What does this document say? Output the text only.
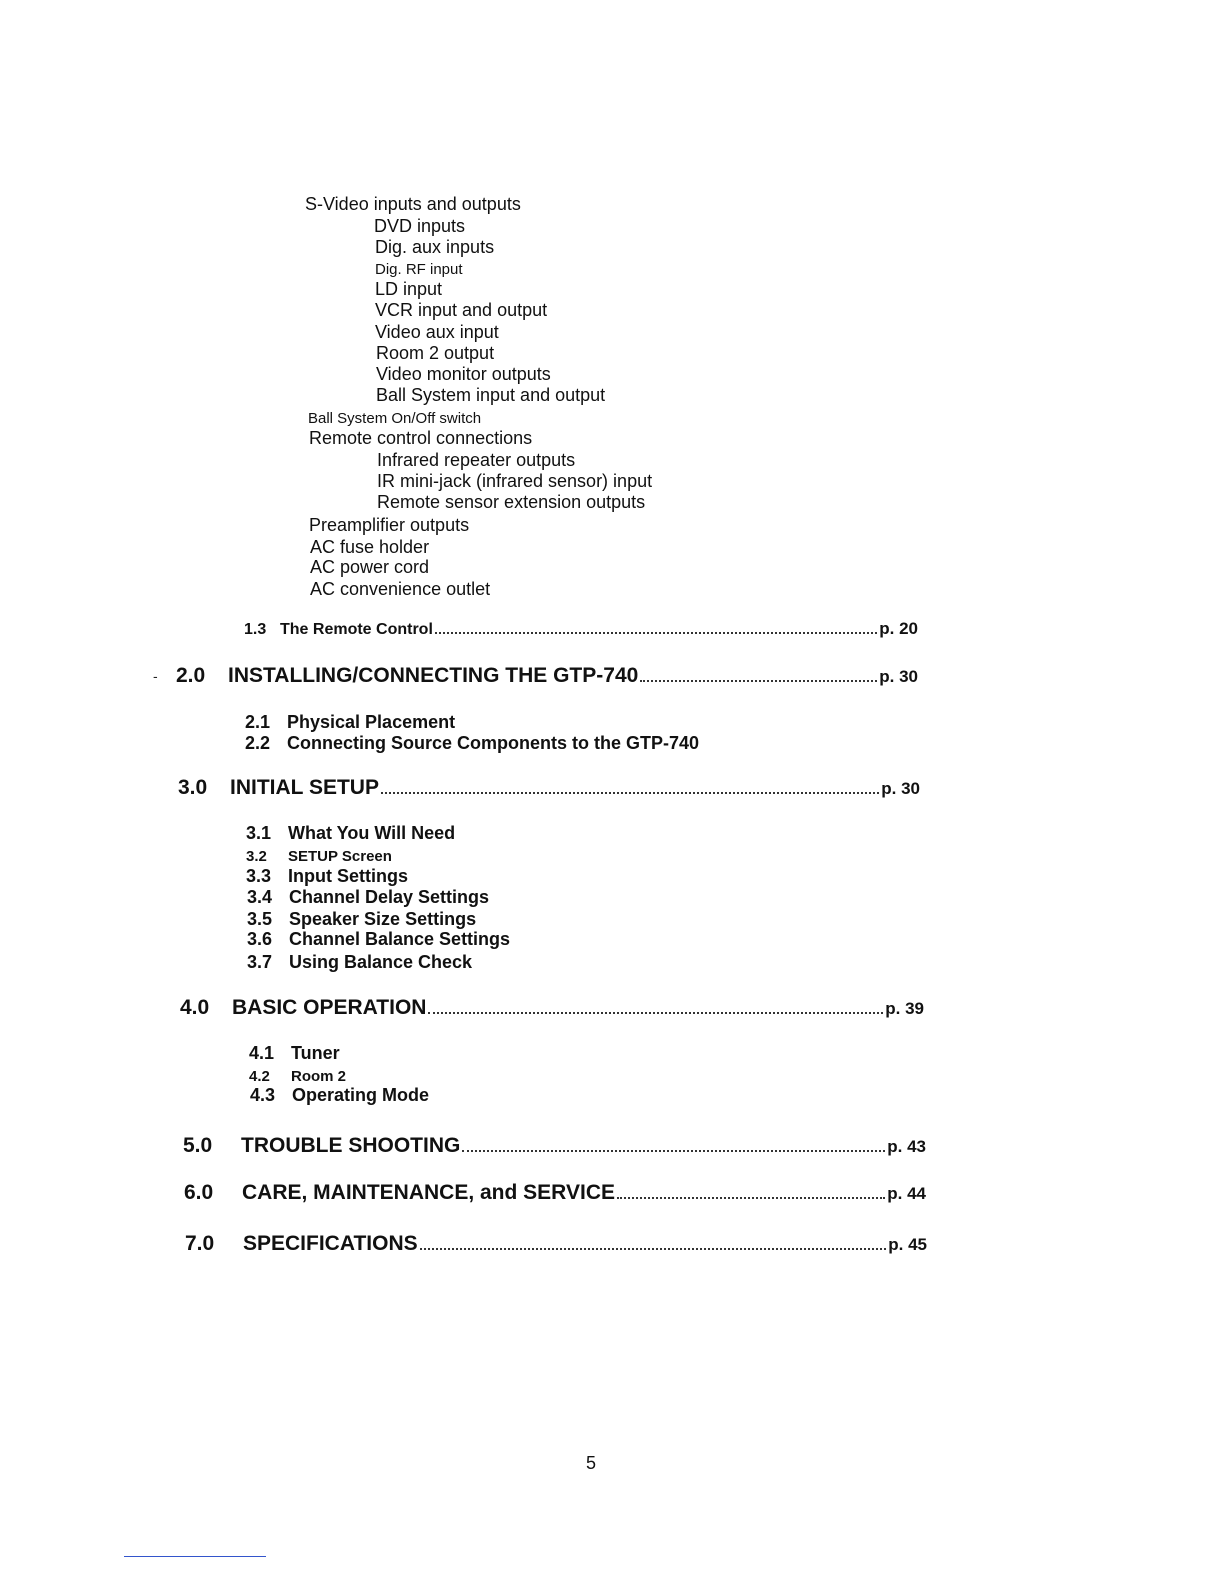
S-Video inputs and outputs
DVD inputs
Dig. aux inputs
Dig. RF input
LD input
VCR input and output
Video aux input
Room 2 output
Video monitor outputs
Ball System input and output
Ball System On/Off switch
Remote control connections
Infrared repeater outputs
IR mini-jack (infrared sensor) input
Remote sensor extension outputs
Preamplifier outputs
AC fuse holder
AC power cord
AC convenience outlet
1.3 The Remote Control	p. 20
- 2.0	INSTALLING/CONNECTING THE GTP-740	p. 30
2.1 Physical Placement
2.2 Connecting Source Components to the GTP-740
3.0	INITIAL SETUP	p. 30
3.1 What You Will Need
3.2 SETUP Screen
3.3 Input Settings
3.4 Channel Delay Settings
3.5 Speaker Size Settings
3.6 Channel Balance Settings
3.7 Using Balance Check
4.0	BASIC OPERATION	p. 39
4.1 Tuner
4.2 Room 2
4.3 Operating Mode
5.0	TROUBLE SHOOTING	p. 43
6.0	CARE, MAINTENANCE, and SERVICE	p. 44
7.0	SPECIFICATIONS	p. 45
5
